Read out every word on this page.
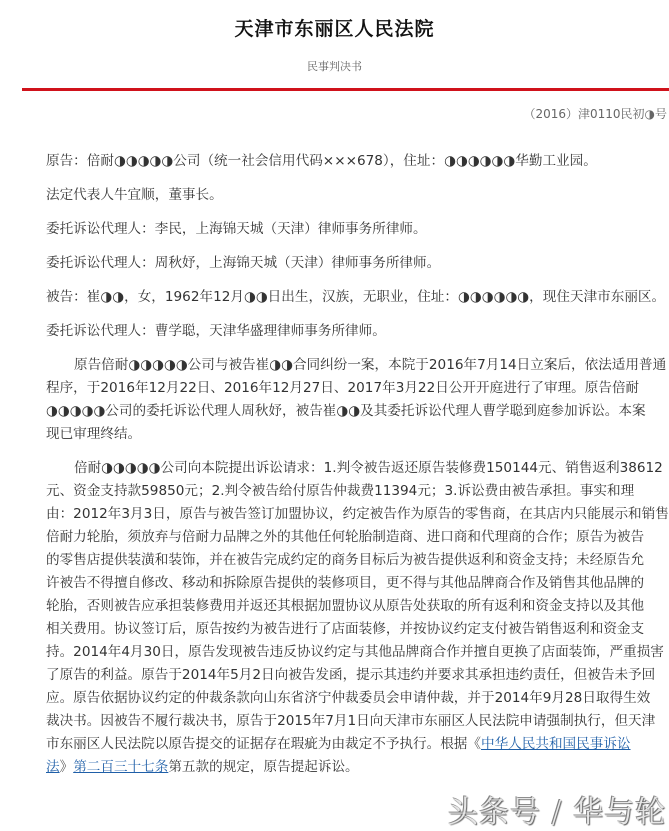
天津市东丽区人民法院
民事判决书
（2016）津0110民初◑号

原告：倍耐◑◑◑◑◑公司（统一社会信用代码×××678），住址：◑◑◑◑◑◑华勤工业园。

法定代表人牛宜顺，董事长。

委托诉讼代理人：李民，上海锦天城（天津）律师事务所律师。

委托诉讼代理人：周秋妤，上海锦天城（天津）律师事务所律师。

被告：崔◑◑，女，1962年12月◑◑日出生，汉族，无职业，住址：◑◑◑◑◑◑，现住天津市东丽区。

委托诉讼代理人：曹学聪，天津华盛理律师事务所律师。

原告倍耐◑◑◑◑◑公司与被告崔◑◑合同纠纷一案，本院于2016年7月14日立案后，依法适用普通
程序，于2016年12月22日、2016年12月27日、2017年3月22日公开开庭进行了审理。原告倍耐
◑◑◑◑◑公司的委托诉讼代理人周秋妤，被告崔◑◑及其委托诉讼代理人曹学聪到庭参加诉讼。本案
现已审理终结。

倍耐◑◑◑◑◑公司向本院提出诉讼请求：1.判令被告返还原告装修费150144元、销售返利38612
元、资金支持款59850元；2.判令被告给付原告仲裁费11394元；3.诉讼费由被告承担。事实和理
由：2012年3月3日，原告与被告签订加盟协议，约定被告作为原告的零售商，在其店内只能展示和销售
倍耐力轮胎，须放弃与倍耐力品牌之外的其他任何轮胎制造商、进口商和代理商的合作；原告为被告
的零售店提供装潢和装饰，并在被告完成约定的商务目标后为被告提供返利和资金支持；未经原告允
许被告不得擅自修改、移动和拆除原告提供的装修项目，更不得与其他品牌商合作及销售其他品牌的
轮胎，否则被告应承担装修费用并返还其根据加盟协议从原告处获取的所有返利和资金支持以及其他
相关费用。协议签订后，原告按约为被告进行了店面装修，并按协议约定支付被告销售返利和资金支
持。2014年4月30日，原告发现被告违反协议约定与其他品牌商合作并擅自更换了店面装饰，严重损害
了原告的利益。原告于2014年5月2日向被告发函，提示其违约并要求其承担违约责任，但被告未予回
应。原告依据协议约定的仲裁条款向山东省济宁仲裁委员会申请仲裁，并于2014年9月28日取得生效
裁决书。因被告不履行裁决书，原告于2015年7月1日向天津市东丽区人民法院申请强制执行，但天津
市东丽区人民法院以原告提交的证据存在瑕疵为由裁定不予执行。根据《中华人民共和国民事诉讼
法》第二百三十七条第五款的规定，原告提起诉讼。

头条号 / 华与轮
